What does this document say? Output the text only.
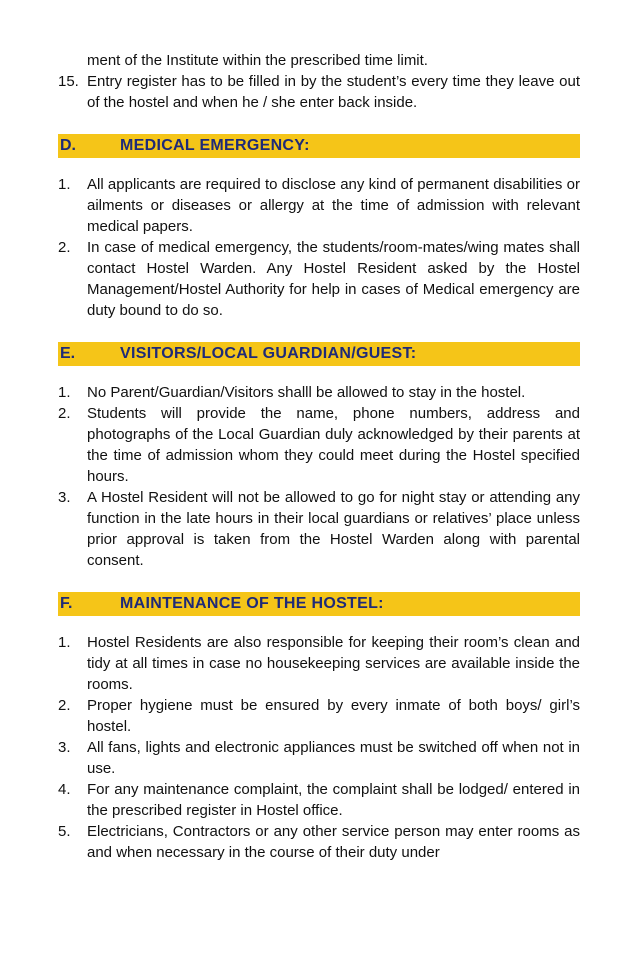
ment of the Institute within the prescribed time limit.
15. Entry register has to be filled in by the student’s every time they leave out of the hostel and when he / she enter back inside.
D.	MEDICAL EMERGENCY:
1.	All applicants are required to disclose any kind of permanent disabilities or ailments or diseases or allergy at the time of admission with relevant medical papers.
2.	In case of medical emergency, the students/room-mates/wing mates shall contact Hostel Warden. Any Hostel Resident asked by the Hostel Management/Hostel Authority for help in cases of Medical emergency are duty bound to do so.
E.	VISITORS/LOCAL GUARDIAN/GUEST:
1.	No Parent/Guardian/Visitors shalll be allowed to stay in the hostel.
2.	Students will provide the name, phone numbers, address and photographs of the Local Guardian duly acknowledged by their parents at the time of admission whom they could meet during the Hostel specified hours.
3.	A Hostel Resident will not be allowed to go for night stay or attending any function in the late hours in their local guardians or relatives’ place unless prior approval is taken from the Hostel Warden along with parental consent.
F.	MAINTENANCE OF THE HOSTEL:
1.	Hostel Residents are also responsible for keeping their room’s clean and tidy at all times in case no housekeeping services are available inside the rooms.
2.	Proper hygiene must be ensured by every inmate of both boys/ girl’s hostel.
3.	All fans, lights and electronic appliances must be switched off when not in use.
4.	For any maintenance complaint, the complaint shall be lodged/ entered in the prescribed register in Hostel office.
5.	Electricians, Contractors or any other service person may enter rooms as and when necessary in the course of their duty under
